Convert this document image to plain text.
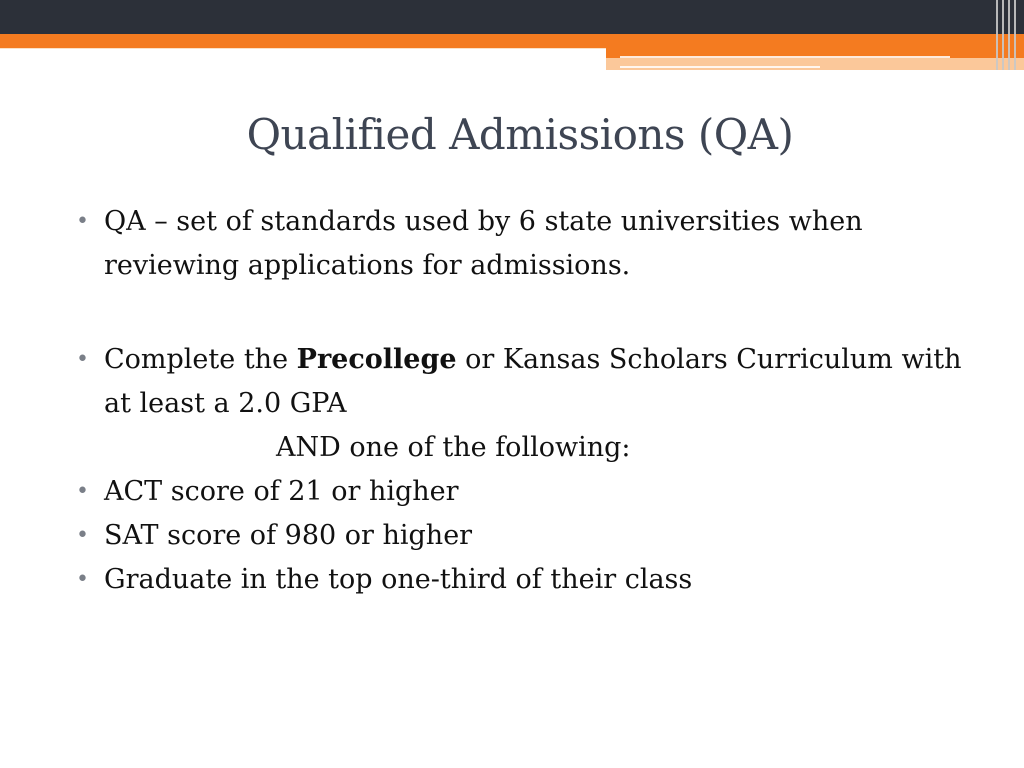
Qualified Admissions (QA)

• QA – set of standards used by 6 state universities when reviewing applications for admissions.

• Complete the Precollege or Kansas Scholars Curriculum with at least a 2.0 GPA

AND one of the following:

• ACT score of 21 or higher

• SAT score of 980 or higher

• Graduate in the top one-third of their class
